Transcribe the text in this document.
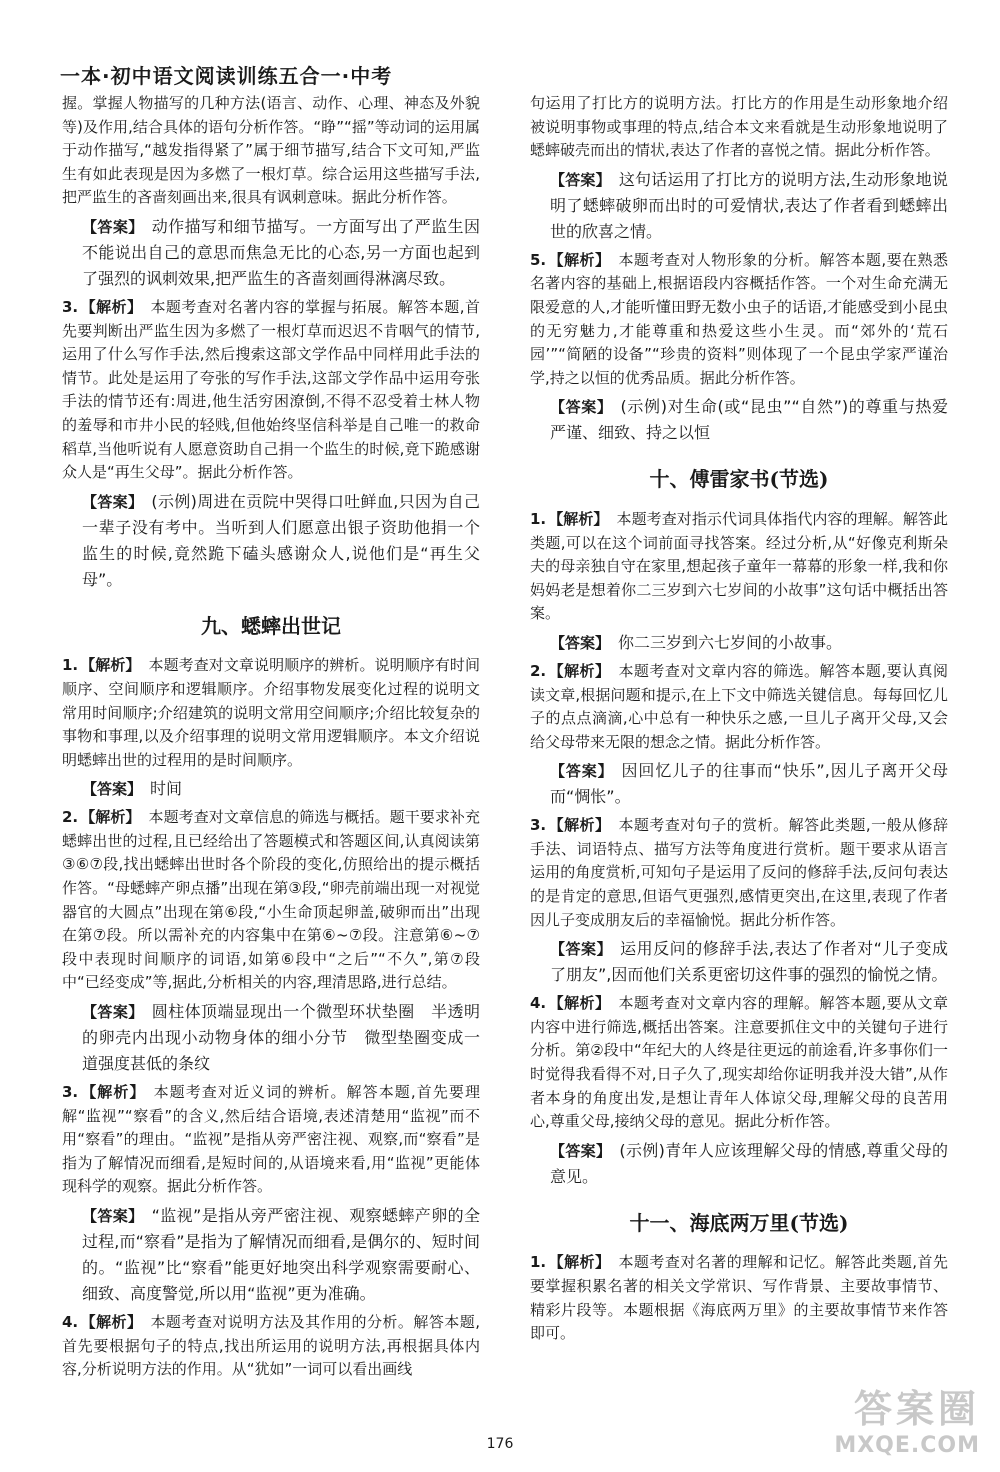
一本·初中语文阅读训练五合一·中考

握。掌握人物描写的几种方法(语言、动作、心理、神态及外貌等)及作用,结合具体的语句分析作答。“睁”“摇”等动词的运用属于动作描写,“越发指得紧了”属于细节描写,结合下文可知,严监生有如此表现是因为多燃了一根灯草。综合运用这些描写手法,把严监生的吝啬刻画出来,很具有讽刺意味。据此分析作答。

【答案】 动作描写和细节描写。一方面写出了严监生因不能说出自己的意思而焦急无比的心态,另一方面也起到了强烈的讽刺效果,把严监生的吝啬刻画得淋漓尽致。

3. 【解析】 本题考查对名著内容的掌握与拓展。解答本题,首先要判断出严监生因为多燃了一根灯草而迟迟不肯咽气的情节,运用了什么写作手法,然后搜索这部文学作品中同样用此手法的情节。此处是运用了夸张的写作手法,这部文学作品中运用夸张手法的情节还有:周进,他生活穷困潦倒,不得不忍受着士林人物的羞辱和市井小民的轻贱,但他始终坚信科举是自己唯一的救命稻草,当他听说有人愿意资助自己捐一个监生的时候,竟下跪感谢众人是“再生父母”。据此分析作答。

【答案】 (示例)周进在贡院中哭得口吐鲜血,只因为自己一辈子没有考中。当听到人们愿意出银子资助他捐一个监生的时候,竟然跪下磕头感谢众人,说他们是“再生父母”。

九、蟋蟀出世记

1. 【解析】 本题考查对文章说明顺序的辨析。说明顺序有时间顺序、空间顺序和逻辑顺序。介绍事物发展变化过程的说明文常用时间顺序;介绍建筑的说明文常用空间顺序;介绍比较复杂的事物和事理,以及介绍事理的说明文常用逻辑顺序。本文介绍说明蟋蟀出世的过程用的是时间顺序。

【答案】 时间

2. 【解析】 本题考查对文章信息的筛选与概括。题干要求补充蟋蟀出世的过程,且已经给出了答题模式和答题区间,认真阅读第③⑥⑦段,找出蟋蟀出世时各个阶段的变化,仿照给出的提示概括作答。“母蟋蟀产卵点播”出现在第③段,“卵壳前端出现一对视觉器官的大圆点”出现在第⑥段,“小生命顶起卵盖,破卵而出”出现在第⑦段。所以需补充的内容集中在第⑥~⑦段。注意第⑥~⑦段中表现时间顺序的词语,如第⑥段中“之后”“不久”,第⑦段中“已经变成”等,据此,分析相关的内容,理清思路,进行总结。

【答案】 圆柱体顶端显现出一个微型环状垫圈　半透明的卵壳内出现小动物身体的细小分节　微型垫圈变成一道强度甚低的条纹

3. 【解析】 本题考查对近义词的辨析。解答本题,首先要理解“监视”“察看”的含义,然后结合语境,表述清楚用“监视”而不用“察看”的理由。“监视”是指从旁严密注视、观察,而“察看”是指为了解情况而细看,是短时间的,从语境来看,用“监视”更能体现科学的观察。据此分析作答。

【答案】 “监视”是指从旁严密注视、观察蟋蟀产卵的全过程,而“察看”是指为了解情况而细看,是偶尔的、短时间的。“监视”比“察看”能更好地突出科学观察需要耐心、细致、高度警觉,所以用“监视”更为准确。

4. 【解析】 本题考查对说明方法及其作用的分析。解答本题,首先要根据句子的特点,找出所运用的说明方法,再根据具体内容,分析说明方法的作用。从“犹如”一词可以看出画线

句运用了打比方的说明方法。打比方的作用是生动形象地介绍被说明事物或事理的特点,结合本文来看就是生动形象地说明了蟋蟀破壳而出的情状,表达了作者的喜悦之情。据此分析作答。

【答案】 这句话运用了打比方的说明方法,生动形象地说明了蟋蟀破卵而出时的可爱情状,表达了作者看到蟋蟀出世的欣喜之情。

5. 【解析】 本题考查对人物形象的分析。解答本题,要在熟悉名著内容的基础上,根据语段内容概括作答。一个对生命充满无限爱意的人,才能听懂田野无数小虫子的话语,才能感受到小昆虫的无穷魅力,才能尊重和热爱这些小生灵。而“郊外的‘荒石园’”“简陋的设备”“珍贵的资料”则体现了一个昆虫学家严谨治学,持之以恒的优秀品质。据此分析作答。

【答案】 (示例)对生命(或“昆虫”“自然”)的尊重与热爱　严谨、细致、持之以恒

十、傅雷家书(节选)

1. 【解析】 本题考查对指示代词具体指代内容的理解。解答此类题,可以在这个词前面寻找答案。经过分析,从“好像克利斯朵夫的母亲独自守在家里,想起孩子童年一幕幕的形象一样,我和你妈妈老是想着你二三岁到六七岁间的小故事”这句话中概括出答案。

【答案】 你二三岁到六七岁间的小故事。

2. 【解析】 本题考查对文章内容的筛选。解答本题,要认真阅读文章,根据问题和提示,在上下文中筛选关键信息。每每回忆儿子的点点滴滴,心中总有一种快乐之感,一旦儿子离开父母,又会给父母带来无限的想念之情。据此分析作答。

【答案】 因回忆儿子的往事而“快乐”,因儿子离开父母而“惆怅”。

3. 【解析】 本题考查对句子的赏析。解答此类题,一般从修辞手法、词语特点、描写方法等角度进行赏析。题干要求从语言运用的角度赏析,可知句子是运用了反问的修辞手法,反问句表达的是肯定的意思,但语气更强烈,感情更突出,在这里,表现了作者因儿子变成朋友后的幸福愉悦。据此分析作答。

【答案】 运用反问的修辞手法,表达了作者对“儿子变成了朋友”,因而他们关系更密切这件事的强烈的愉悦之情。

4. 【解析】 本题考查对文章内容的理解。解答本题,要从文章内容中进行筛选,概括出答案。注意要抓住文中的关键句子进行分析。第②段中“年纪大的人终是往更远的前途看,许多事你们一时觉得我看得不对,日子久了,现实却给你证明我并没大错”,从作者本身的角度出发,是想让青年人体谅父母,理解父母的良苦用心,尊重父母,接纳父母的意见。据此分析作答。

【答案】 (示例)青年人应该理解父母的情感,尊重父母的意见。

十一、海底两万里(节选)

1. 【解析】 本题考查对名著的理解和记忆。解答此类题,首先要掌握积累名著的相关文学常识、写作背景、主要故事情节、精彩片段等。本题根据《海底两万里》的主要故事情节来作答即可。

176
答案圈
MXQE.COM
